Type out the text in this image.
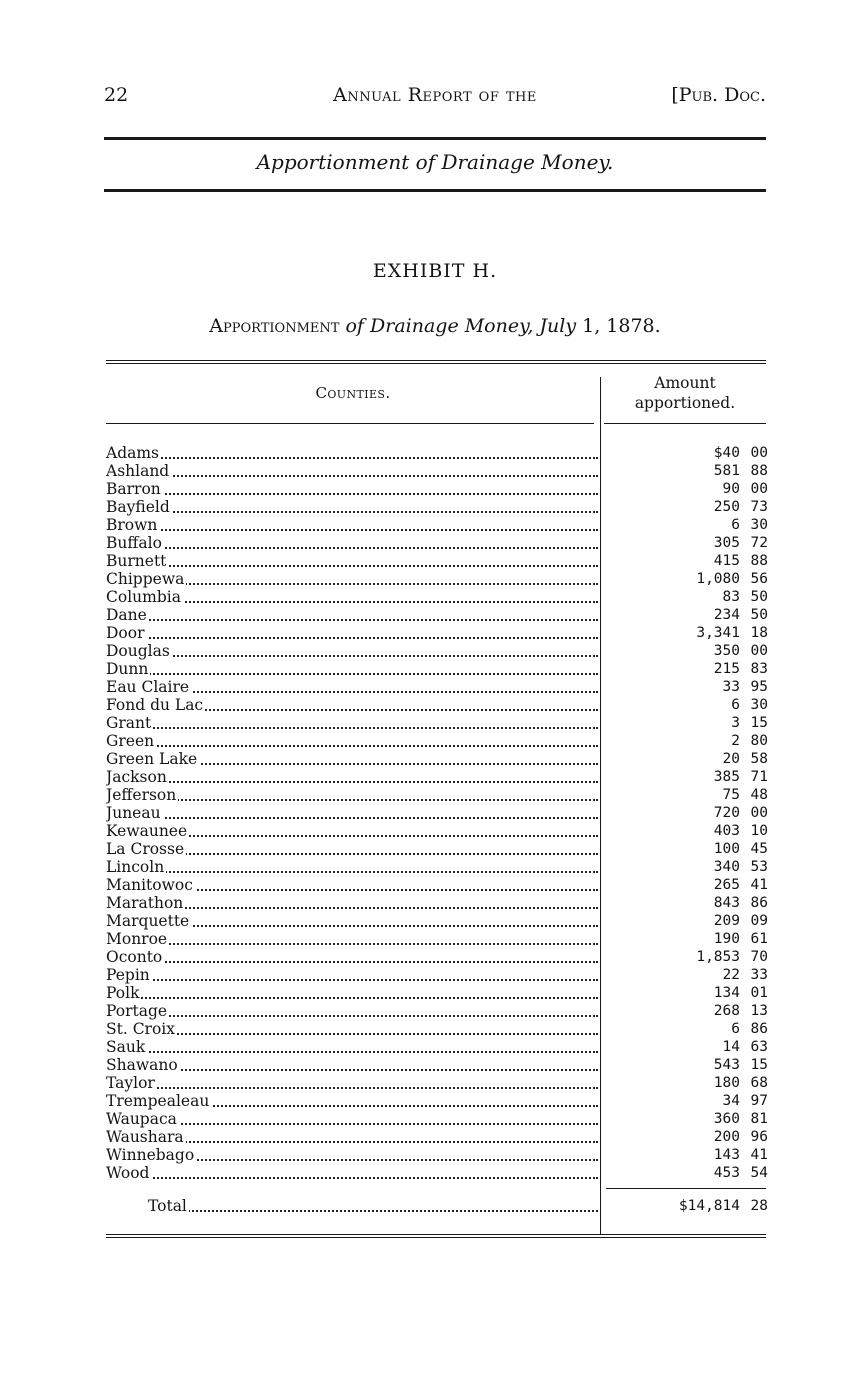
22	Annual Report of the	[Pub. Doc.
Apportionment of Drainage Money.
EXHIBIT H.
Apportionment of Drainage Money, July 1, 1878.
Counties.
Amount
apportioned.
Adams	$40 00
Ashland	581 88
Barron	90 00
Bayfield	250 73
Brown	6 30
Buffalo	305 72
Burnett	415 88
Chippewa	1,080 56
Columbia	83 50
Dane	234 50
Door	3,341 18
Douglas	350 00
Dunn	215 83
Eau Claire	33 95
Fond du Lac	6 30
Grant	3 15
Green	2 80
Green Lake	20 58
Jackson	385 71
Jefferson	75 48
Juneau	720 00
Kewaunee	403 10
La Crosse	100 45
Lincoln	340 53
Manitowoc	265 41
Marathon	843 86
Marquette	209 09
Monroe	190 61
Oconto	1,853 70
Pepin	22 33
Polk	134 01
Portage	268 13
St. Croix	6 86
Sauk	14 63
Shawano	543 15
Taylor	180 68
Trempealeau	34 97
Waupaca	360 81
Waushara	200 96
Winnebago	143 41
Wood	453 54
Total	$14,814 28
